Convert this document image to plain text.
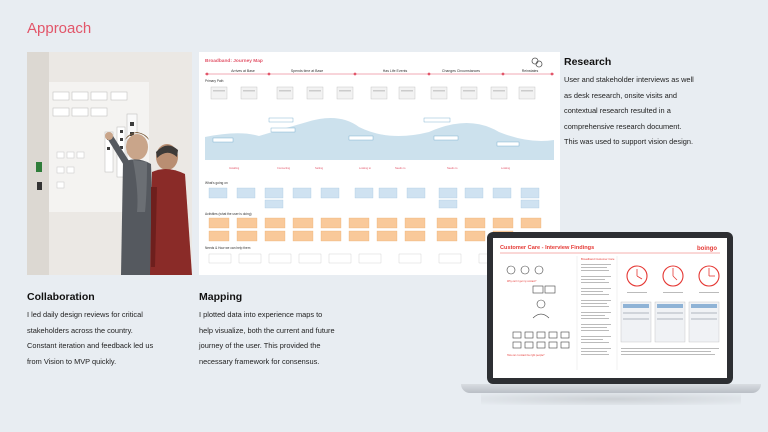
Approach
Broadband: Journey Map
Arrives at Base	Spends time at Base	Has Life Events	Changes Circumstances	Reinstates
Primary Path
Installing	Connecting	Setting	Looking to	Needs to	Needs to	Looking
What's going on
Activities (what the user is doing)
Needs & How we can help them
Research
User and stakeholder interviews as well
as desk research, onsite visits and
contextual research resulted in a
comprehensive research document.
This was used to support vision design.
Collaboration
I led daily design reviews for critical
stakeholders across the country.
Constant iteration and feedback led us
from Vision to MVP quickly.
Mapping
I plotted data into experience maps to
help visualize, both the current and future
journey of the user. This provided the
necessary framework for consensus.
Customer Care - Interview Findings	boingo
Why can't I get my contact?
How can I contact the right people?
Broadband Customer Care
